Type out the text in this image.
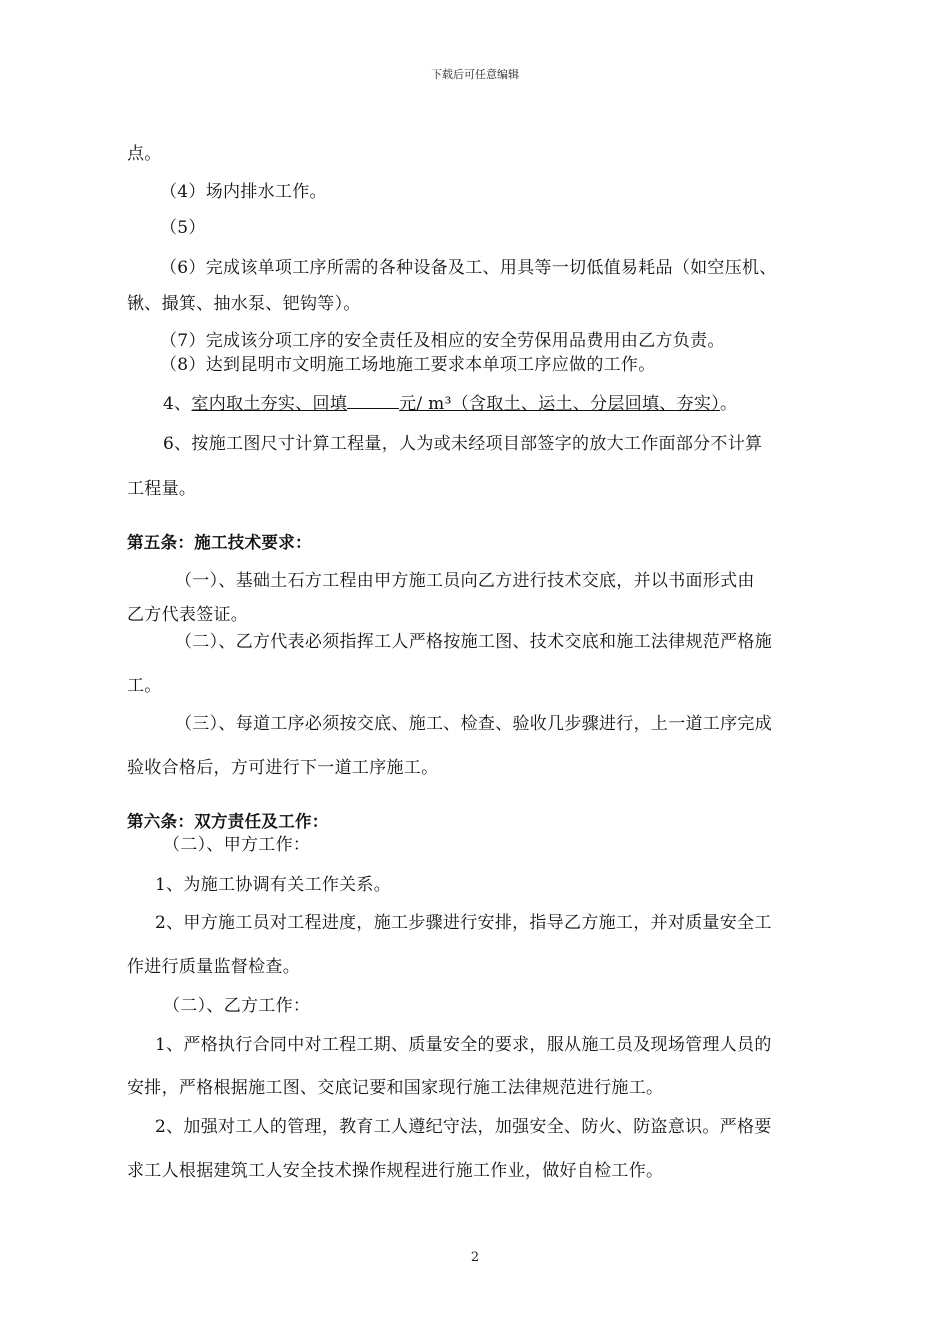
下载后可任意编辑
点。
（4）场内排水工作。
（5）
（6）完成该单项工序所需的各种设备及工、用具等一切低值易耗品（如空压机、
锹、撮箕、抽水泵、钯钩等）。
（7）完成该分项工序的安全责任及相应的安全劳保用品费用由乙方负责。
（8）达到昆明市文明施工场地施工要求本单项工序应做的工作。
4、室内取土夯实、回填	元/ m³（含取土、运土、分层回填、夯实）。
6、按施工图尺寸计算工程量，人为或未经项目部签字的放大工作面部分不计算
工程量。
第五条：施工技术要求：
（一）、基础土石方工程由甲方施工员向乙方进行技术交底，并以书面形式由
乙方代表签证。
（二）、乙方代表必须指挥工人严格按施工图、技术交底和施工法律规范严格施
工。
（三）、每道工序必须按交底、施工、检查、验收几步骤进行，上一道工序完成
验收合格后，方可进行下一道工序施工。
第六条：双方责任及工作：
（二）、甲方工作：
1、为施工协调有关工作关系。
2、甲方施工员对工程进度，施工步骤进行安排，指导乙方施工，并对质量安全工
作进行质量监督检查。
（二）、乙方工作：
1、严格执行合同中对工程工期、质量安全的要求，服从施工员及现场管理人员的
安排，严格根据施工图、交底记要和国家现行施工法律规范进行施工。
2、加强对工人的管理，教育工人遵纪守法，加强安全、防火、防盗意识。严格要
求工人根据建筑工人安全技术操作规程进行施工作业，做好自检工作。
2
